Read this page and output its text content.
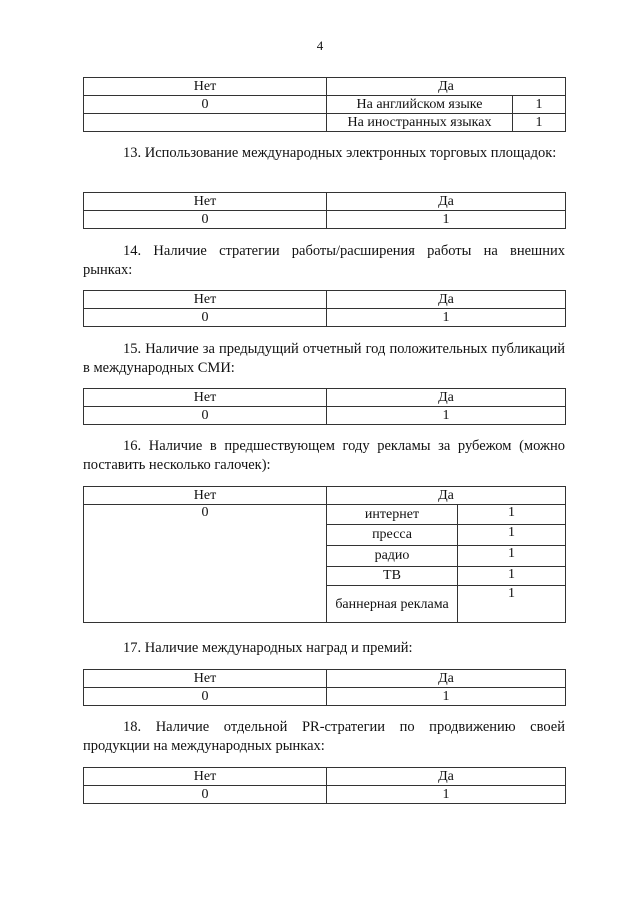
4
Нет	Да	
0	На английском языке	1
	На иностранных языках	1
13. Использование международных электронных торговых площадок:
Нет	Да
0	1
14. Наличие стратегии работы/расширения работы на внешних рынках:
Нет	Да
0	1
15. Наличие за предыдущий отчетный год положительных публикаций в международных СМИ:
Нет	Да
0	1
16. Наличие в предшествующем году рекламы за рубежом (можно поставить несколько галочек):
Нет	Да	
0	интернет	1
	пресса	1
	радио	1
	ТВ	1
	баннерная реклама	1
17. Наличие международных наград и премий:
Нет	Да
0	1
18. Наличие отдельной PR-стратегии по продвижению своей продукции на международных рынках:
Нет	Да
0	1
